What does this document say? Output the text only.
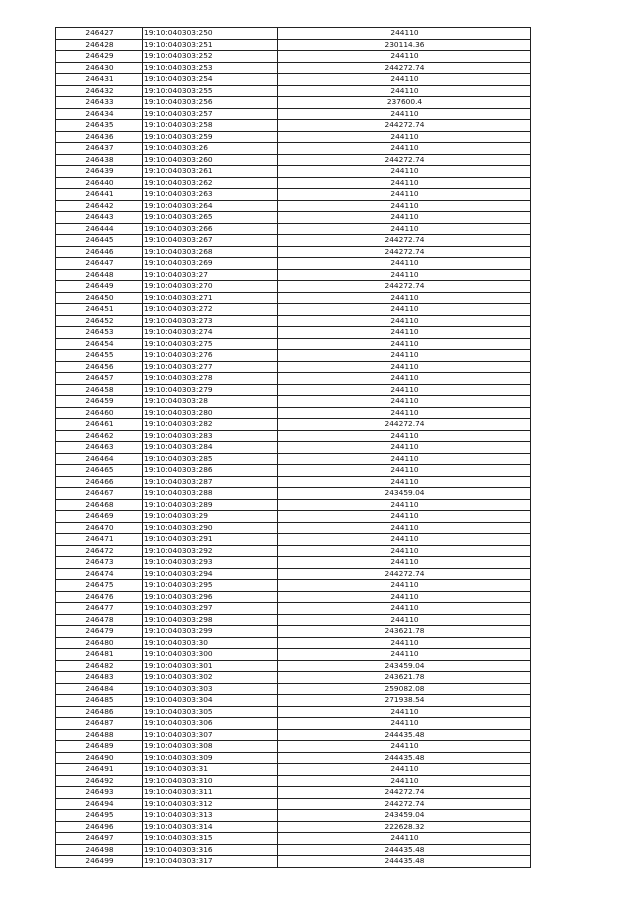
246427	19:10:040303:250	244110
246428	19:10:040303:251	230114.36
246429	19:10:040303:252	244110
246430	19:10:040303:253	244272.74
246431	19:10:040303:254	244110
246432	19:10:040303:255	244110
246433	19:10:040303:256	237600.4
246434	19:10:040303:257	244110
246435	19:10:040303:258	244272.74
246436	19:10:040303:259	244110
246437	19:10:040303:26	244110
246438	19:10:040303:260	244272.74
246439	19:10:040303:261	244110
246440	19:10:040303:262	244110
246441	19:10:040303:263	244110
246442	19:10:040303:264	244110
246443	19:10:040303:265	244110
246444	19:10:040303:266	244110
246445	19:10:040303:267	244272.74
246446	19:10:040303:268	244272.74
246447	19:10:040303:269	244110
246448	19:10:040303:27	244110
246449	19:10:040303:270	244272.74
246450	19:10:040303:271	244110
246451	19:10:040303:272	244110
246452	19:10:040303:273	244110
246453	19:10:040303:274	244110
246454	19:10:040303:275	244110
246455	19:10:040303:276	244110
246456	19:10:040303:277	244110
246457	19:10:040303:278	244110
246458	19:10:040303:279	244110
246459	19:10:040303:28	244110
246460	19:10:040303:280	244110
246461	19:10:040303:282	244272.74
246462	19:10:040303:283	244110
246463	19:10:040303:284	244110
246464	19:10:040303:285	244110
246465	19:10:040303:286	244110
246466	19:10:040303:287	244110
246467	19:10:040303:288	243459.04
246468	19:10:040303:289	244110
246469	19:10:040303:29	244110
246470	19:10:040303:290	244110
246471	19:10:040303:291	244110
246472	19:10:040303:292	244110
246473	19:10:040303:293	244110
246474	19:10:040303:294	244272.74
246475	19:10:040303:295	244110
246476	19:10:040303:296	244110
246477	19:10:040303:297	244110
246478	19:10:040303:298	244110
246479	19:10:040303:299	243621.78
246480	19:10:040303:30	244110
246481	19:10:040303:300	244110
246482	19:10:040303:301	243459.04
246483	19:10:040303:302	243621.78
246484	19:10:040303:303	259082.08
246485	19:10:040303:304	271938.54
246486	19:10:040303:305	244110
246487	19:10:040303:306	244110
246488	19:10:040303:307	244435.48
246489	19:10:040303:308	244110
246490	19:10:040303:309	244435.48
246491	19:10:040303:31	244110
246492	19:10:040303:310	244110
246493	19:10:040303:311	244272.74
246494	19:10:040303:312	244272.74
246495	19:10:040303:313	243459.04
246496	19:10:040303:314	222628.32
246497	19:10:040303:315	244110
246498	19:10:040303:316	244435.48
246499	19:10:040303:317	244435.48
